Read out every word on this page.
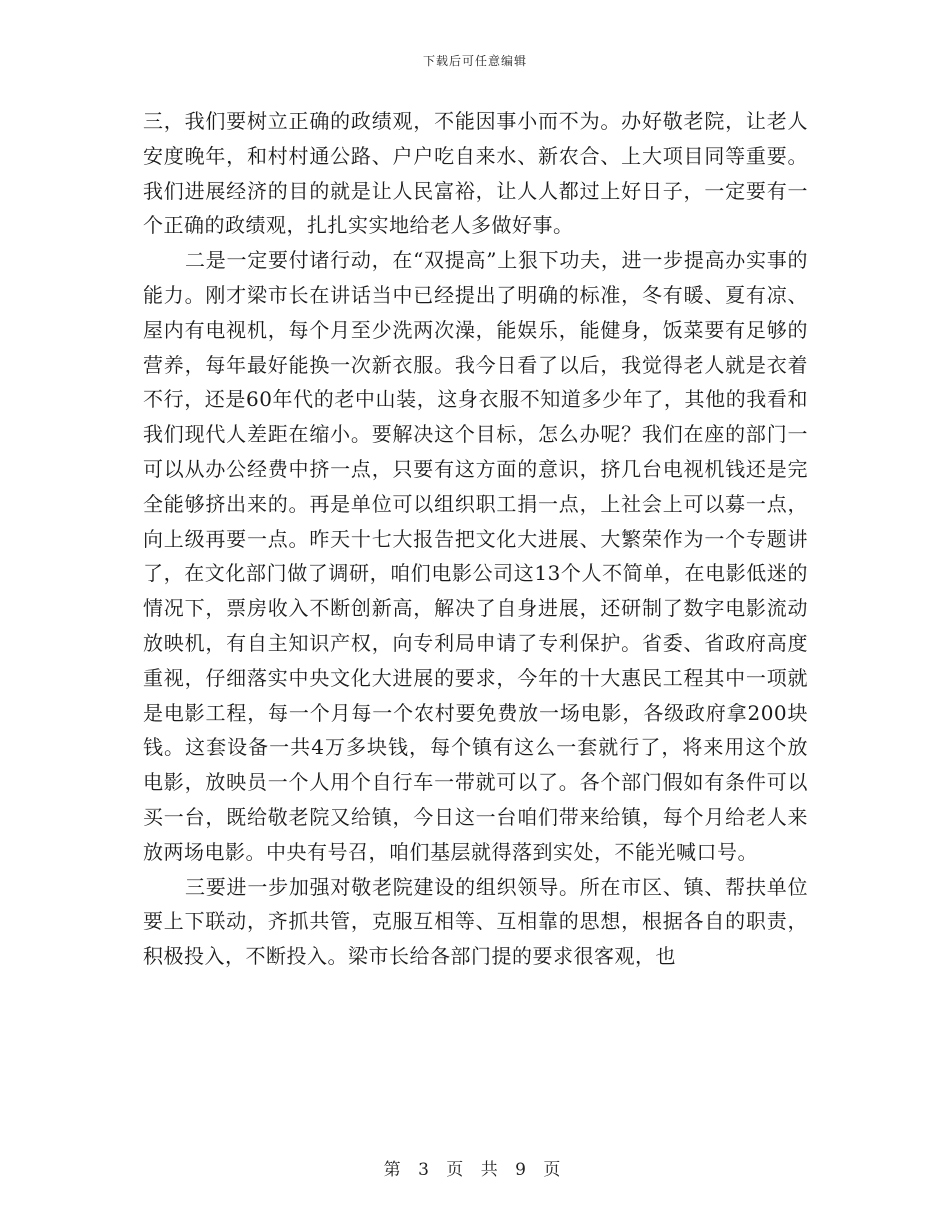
下载后可任意编辑

三，我们要树立正确的政绩观，不能因事小而不为。办好敬老院，让老人安度晚年，和村村通公路、户户吃自来水、新农合、上大项目同等重要。我们进展经济的目的就是让人民富裕，让人人都过上好日子，一定要有一个正确的政绩观，扎扎实实地给老人多做好事。

二是一定要付诸行动，在“双提高”上狠下功夫，进一步提高办实事的能力。刚才梁市长在讲话当中已经提出了明确的标准，冬有暖、夏有凉、屋内有电视机，每个月至少洗两次澡，能娱乐，能健身，饭菜要有足够的营养，每年最好能换一次新衣服。我今日看了以后，我觉得老人就是衣着不行，还是60年代的老中山装，这身衣服不知道多少年了，其他的我看和我们现代人差距在缩小。要解决这个目标，怎么办呢？我们在座的部门一可以从办公经费中挤一点，只要有这方面的意识，挤几台电视机钱还是完全能够挤出来的。再是单位可以组织职工捐一点，上社会上可以募一点，向上级再要一点。昨天十七大报告把文化大进展、大繁荣作为一个专题讲了，在文化部门做了调研，咱们电影公司这13个人不简单，在电影低迷的情况下，票房收入不断创新高，解决了自身进展，还研制了数字电影流动放映机，有自主知识产权，向专利局申请了专利保护。省委、省政府高度重视，仔细落实中央文化大进展的要求，今年的十大惠民工程其中一项就是电影工程，每一个月每一个农村要免费放一场电影，各级政府拿200块钱。这套设备一共4万多块钱，每个镇有这么一套就行了，将来用这个放电影，放映员一个人用个自行车一带就可以了。各个部门假如有条件可以买一台，既给敬老院又给镇，今日这一台咱们带来给镇，每个月给老人来放两场电影。中央有号召，咱们基层就得落到实处，不能光喊口号。

三要进一步加强对敬老院建设的组织领导。所在市区、镇、帮扶单位要上下联动，齐抓共管，克服互相等、互相靠的思想，根据各自的职责，积极投入，不断投入。梁市长给各部门提的要求很客观，也

第 3 页 共 9 页
